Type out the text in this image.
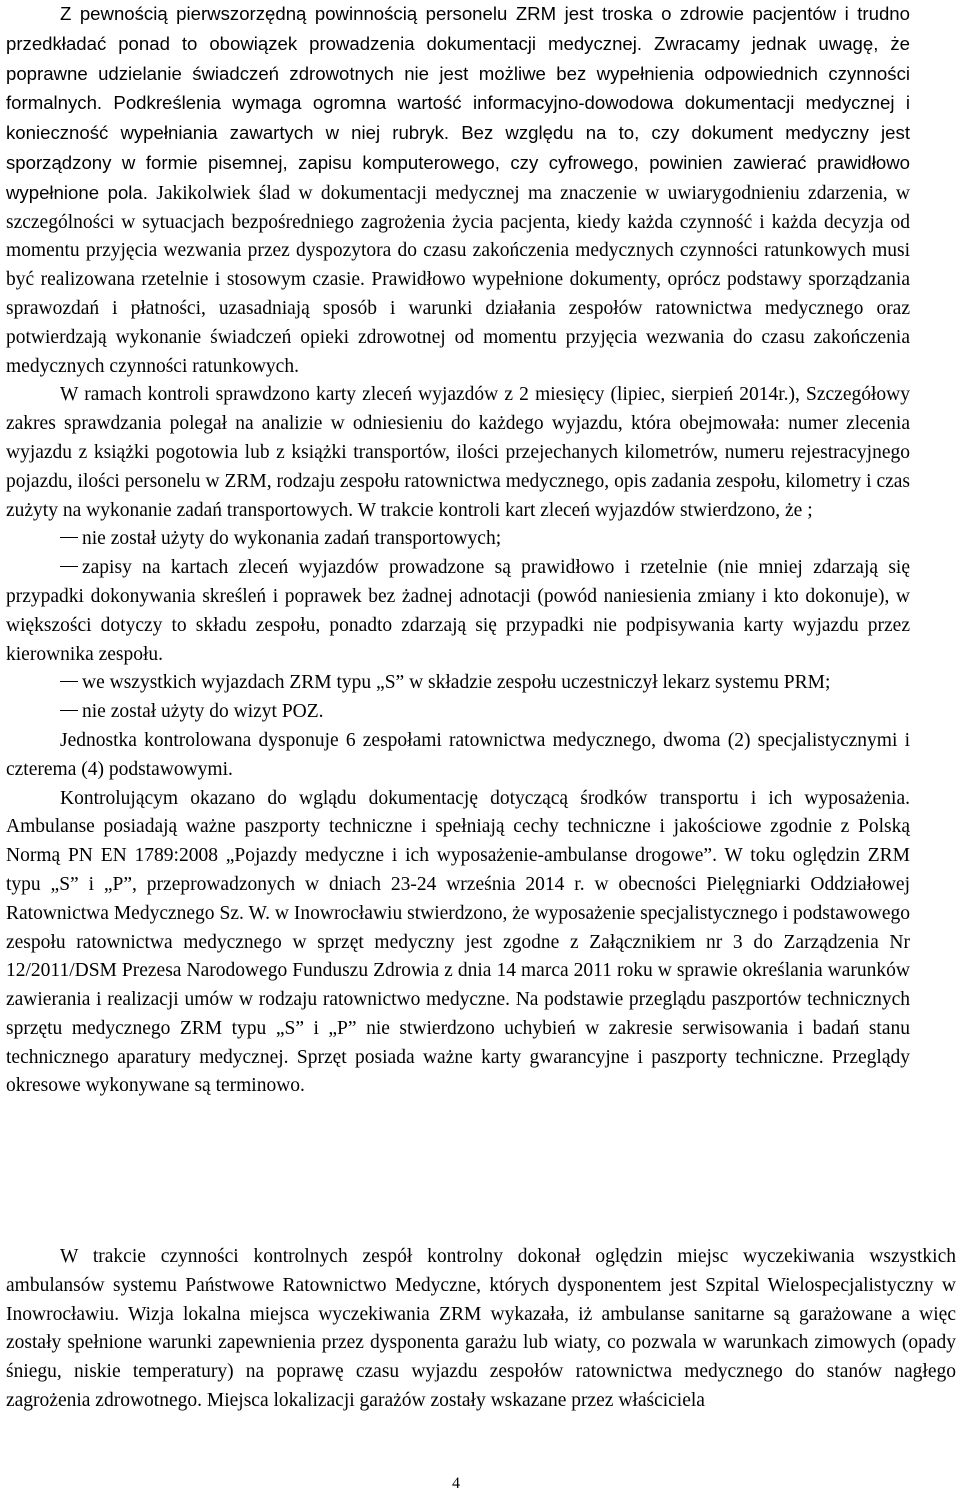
Z pewnością pierwszorzędną powinnością personelu ZRM jest troska o zdrowie pacjentów i trudno przedkładać ponad to obowiązek prowadzenia dokumentacji medycznej. Zwracamy jednak uwagę, że poprawne udzielanie świadczeń zdrowotnych nie jest możliwe bez wypełnienia odpowiednich czynności formalnych. Podkreślenia wymaga ogromna wartość informacyjno-dowodowa dokumentacji medycznej i konieczność wypełniania zawartych w niej rubryk. Bez względu na to, czy dokument medyczny jest sporządzony w formie pisemnej, zapisu komputerowego, czy cyfrowego, powinien zawierać prawidłowo wypełnione pola. Jakikolwiek ślad w dokumentacji medycznej ma znaczenie w uwiarygodnieniu zdarzenia, w szczególności w sytuacjach bezpośredniego zagrożenia życia pacjenta, kiedy każda czynność i każda decyzja od momentu przyjęcia wezwania przez dyspozytora do czasu zakończenia medycznych czynności ratunkowych musi być realizowana rzetelnie i stosowym czasie. Prawidłowo wypełnione dokumenty, oprócz podstawy sporządzania sprawozdań i płatności, uzasadniają sposób i warunki działania zespołów ratownictwa medycznego oraz potwierdzają wykonanie świadczeń opieki zdrowotnej od momentu przyjęcia wezwania do czasu zakończenia medycznych czynności ratunkowych.

W ramach kontroli sprawdzono karty zleceń wyjazdów z 2 miesięcy (lipiec, sierpień 2014r.), Szczegółowy zakres sprawdzania polegał na analizie w odniesieniu do każdego wyjazdu, która obejmowała: numer zlecenia wyjazdu z książki pogotowia lub z książki transportów, ilości przejechanych kilometrów, numeru rejestracyjnego pojazdu, ilości personelu w ZRM, rodzaju zespołu ratownictwa medycznego, opis zadania zespołu, kilometry i czas zużyty na wykonanie zadań transportowych. W trakcie kontroli kart zleceń wyjazdów stwierdzono, że ;

nie został użyty do wykonania zadań transportowych;

zapisy na kartach zleceń wyjazdów prowadzone są prawidłowo i rzetelnie (nie mniej zdarzają się przypadki dokonywania skreśleń i poprawek bez żadnej adnotacji (powód naniesienia zmiany i kto dokonuje), w większości dotyczy to składu zespołu, ponadto zdarzają się przypadki nie podpisywania karty wyjazdu przez kierownika zespołu.

we wszystkich wyjazdach ZRM typu „S” w składzie zespołu uczestniczył lekarz systemu PRM;

nie został użyty do wizyt POZ.

Jednostka kontrolowana dysponuje 6 zespołami ratownictwa medycznego, dwoma (2) specjalistycznymi i czterema (4) podstawowymi.

Kontrolującym okazano do wglądu dokumentację dotyczącą środków transportu i ich wyposażenia. Ambulanse posiadają ważne paszporty techniczne i spełniają cechy techniczne i jakościowe zgodnie z Polską Normą PN EN 1789:2008 „Pojazdy medyczne i ich wyposażenie-ambulanse drogowe”. W toku oględzin ZRM typu „S” i „P”, przeprowadzonych w dniach 23-24 września 2014 r. w obecności Pielęgniarki Oddziałowej Ratownictwa Medycznego Sz. W. w Inowrocławiu stwierdzono, że wyposażenie specjalistycznego i podstawowego zespołu ratownictwa medycznego w sprzęt medyczny jest zgodne z Załącznikiem nr 3 do Zarządzenia Nr 12/2011/DSM Prezesa Narodowego Funduszu Zdrowia z dnia 14 marca 2011 roku w sprawie określania warunków zawierania i realizacji umów w rodzaju ratownictwo medyczne. Na podstawie przeglądu paszportów technicznych sprzętu medycznego ZRM typu „S” i „P” nie stwierdzono uchybień w zakresie serwisowania i badań stanu technicznego aparatury medycznej. Sprzęt posiada ważne karty gwarancyjne i paszporty techniczne. Przeglądy okresowe wykonywane są terminowo.

W trakcie czynności kontrolnych zespół kontrolny dokonał oględzin miejsc wyczekiwania wszystkich ambulansów systemu Państwowe Ratownictwo Medyczne, których dysponentem jest Szpital Wielospecjalistyczny w Inowrocławiu. Wizja lokalna miejsca wyczekiwania ZRM wykazała, iż ambulanse sanitarne są garażowane a więc zostały spełnione warunki zapewnienia przez dysponenta garażu lub wiaty, co pozwala w warunkach zimowych (opady śniegu, niskie temperatury) na poprawę czasu wyjazdu zespołów ratownictwa medycznego do stanów nagłego zagrożenia zdrowotnego. Miejsca lokalizacji garażów zostały wskazane przez właściciela

4
